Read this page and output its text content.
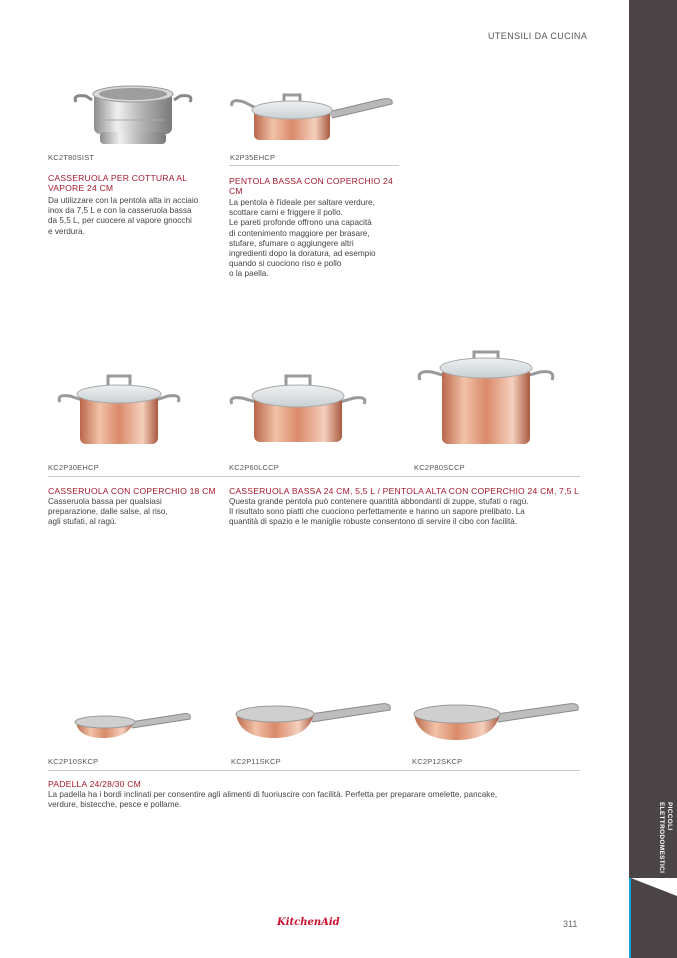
UTENSILI DA CUCINA
PICCOLI ELETTRODOMESTICI
KC2T80SIST
CASSERUOLA PER COTTURA AL VAPORE 24 CM
Da utilizzare con la pentola alta in acciaio
inox da 7,5 L e con la casseruola bassa
da 5,5 L, per cuocere al vapore gnocchi
e verdura.
K2P35EHCP
PENTOLA BASSA CON COPERCHIO 24 CM
La pentola è l'ideale per saltare verdure,
scottare carni e friggere il pollo.
Le pareti profonde offrono una capacità
di contenimento maggiore per brasare,
stufare, sfumare o aggiungere altri
ingredienti dopo la doratura, ad esempio
quando si cuociono riso e pollo
o la paella.
KC2P30EHCP	KC2P60LCCP	KC2P80SCCP
CASSERUOLA CON COPERCHIO 18 CM
Casseruola bassa per qualsiasi
preparazione, dalle salse, al riso,
agli stufati, al ragù.
CASSERUOLA BASSA 24 CM, 5,5 L / PENTOLA ALTA CON COPERCHIO 24 CM, 7,5 L
Questa grande pentola può contenere quantità abbondanti di zuppe, stufati o ragù.
Il risultato sono piatti che cuociono perfettamente e hanno un sapore prelibato. La
quantità di spazio e le maniglie robuste consentono di servire il cibo con facilità.
KC2P10SKCP	KC2P11SKCP	KC2P12SKCP
PADELLA 24/28/30 CM
La padella ha i bordi inclinati per consentire agli alimenti di fuoriuscire con facilità. Perfetta per preparare omelette, pancake,
verdure, bistecche, pesce e pollame.
KitchenAid	311
